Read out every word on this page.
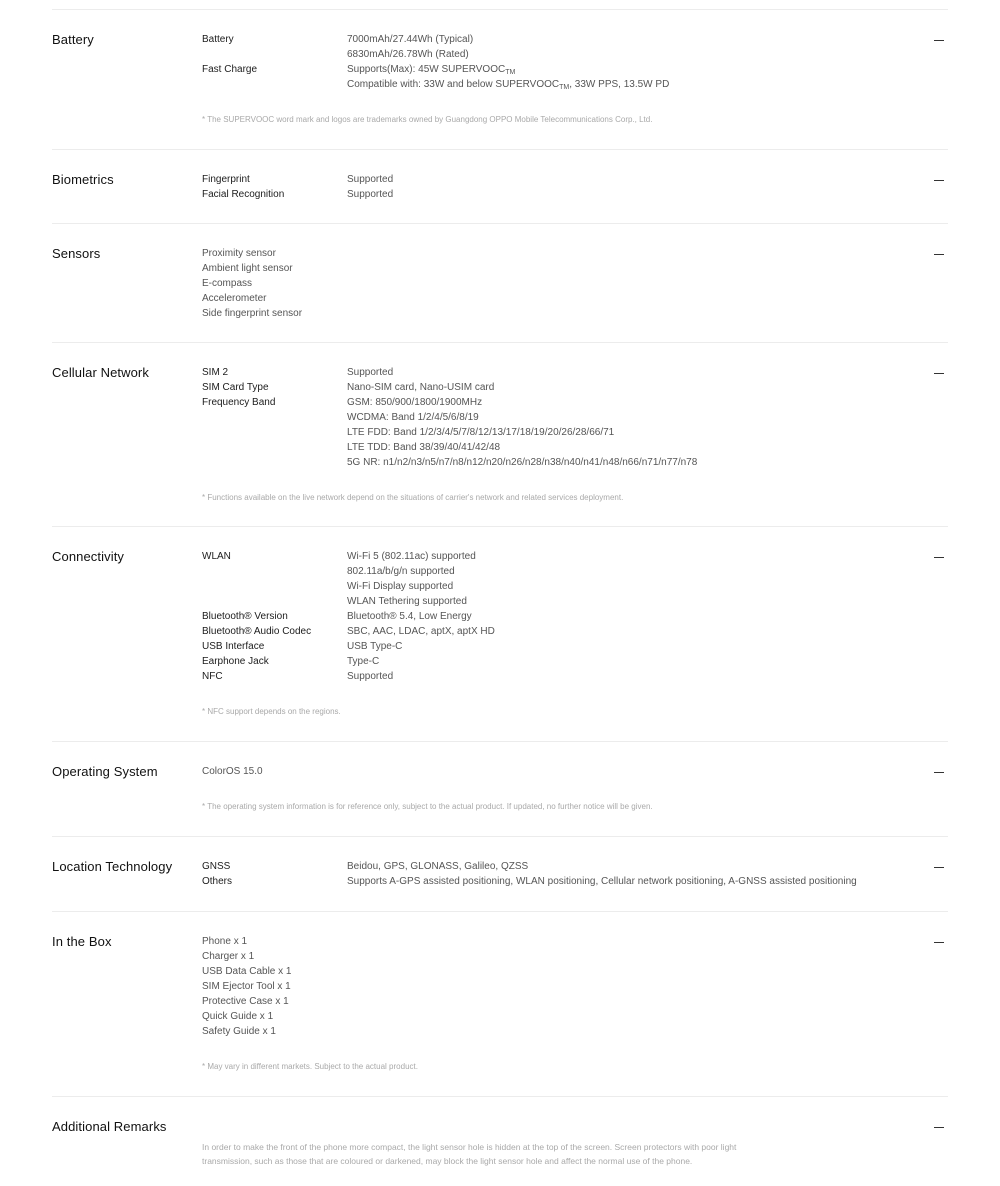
Battery	Battery	7000mAh/27.44Wh (Typical)
6830mAh/26.78Wh (Rated)
Fast Charge	Supports(Max): 45W $SUPERVOOC_{TM}$
Compatible with: 33W and below $SUPERVOOC_{TM}$, 33W PPS, 13.5W PD
* The SUPERVOOC word mark and logos are trademarks owned by Guangdong OPPO Mobile Telecommunications Corp., Ltd.
Biometrics	Fingerprint	Supported
Facial Recognition	Supported
Sensors	Proximity sensor
Ambient light sensor
E-compass
Accelerometer
Side fingerprint sensor
Cellular Network	SIM 2	Supported
SIM Card Type	Nano-SIM card, Nano-USIM card
Frequency Band	GSM: 850/900/1800/1900MHz
WCDMA: Band 1/2/4/5/6/8/19
LTE FDD: Band 1/2/3/4/5/7/8/12/13/17/18/19/20/26/28/66/71
LTE TDD: Band 38/39/40/41/42/48
5G NR: n1/n2/n3/n5/n7/n8/n12/n20/n26/n28/n38/n40/n41/n48/n66/n71/n77/n78
* Functions available on the live network depend on the situations of carrier's network and related services deployment.
Connectivity	WLAN	Wi-Fi 5 (802.11ac) supported
802.11a/b/g/n supported
Wi-Fi Display supported
WLAN Tethering supported
Bluetooth® Version	Bluetooth® 5.4, Low Energy
Bluetooth® Audio Codec	SBC, AAC, LDAC, aptX, aptX HD
USB Interface	USB Type-C
Earphone Jack	Type-C
NFC	Supported
* NFC support depends on the regions.
Operating System	ColorOS 15.0
* The operating system information is for reference only, subject to the actual product. If updated, no further notice will be given.
Location Technology	GNSS	Beidou, GPS, GLONASS, Galileo, QZSS
Others	Supports A-GPS assisted positioning, WLAN positioning, Cellular network positioning, A-GNSS assisted positioning
In the Box	Phone x 1
Charger x 1
USB Data Cable x 1
SIM Ejector Tool x 1
Protective Case x 1
Quick Guide x 1
Safety Guide x 1
* May vary in different markets. Subject to the actual product.
Additional Remarks
In order to make the front of the phone more compact, the light sensor hole is hidden at the top of the screen. Screen protectors with poor light transmission, such as those that are coloured or darkened, may block the light sensor hole and affect the normal use of the phone.
